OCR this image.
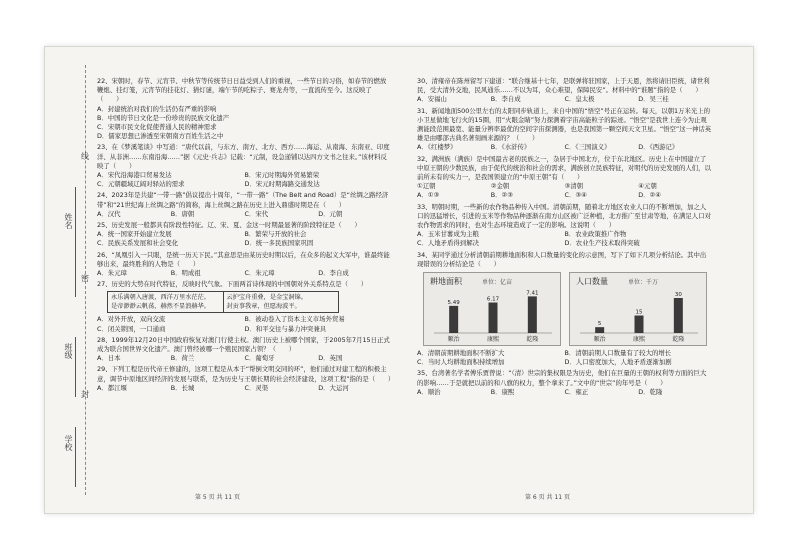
姓名
班级
学校
线
密
封
22、宋朝时，春节、元宵节、中秋节等传统节日日益受到人们的重视，一些节日的习俗，如春节的燃放鞭炮、挂灯笼，元宵节的挂花灯、猜灯谜，端午节的吃粽子、赛龙舟等，一直流传至今。这反映了（　　）
A．封建统治对我们的生活仍有严重的影响
B．中国的节日文化是一份珍贵的民族文化遗产
C．宋朝市民文化促使普通人民的精神需求
D．儒家思想已渗透至宋朝南方百姓生活之中
23、在《梦溪笔谈》中写道：“唐代以前，与东方、南方、北方、西方……海运、从南海、东南亚、印度洋、从非洲……东南沿海……”据《元史·兵志》记载：“元制，设急递铺以达四方文书之往来。”该材料反映了（　　）
A．宋代沿海港口贸易发达	B．宋元时期海外贸易繁荣
C．元朝疆域辽阔对驿站的需求	D．宋元时期海路交通发达
24、2023年是共建“一带一路”倡议提出十周年，“一带一路”（The Belt and Road）是“丝绸之路经济带”和“21世纪海上丝绸之路”的简称，海上丝绸之路在历史上进入鼎盛时期是在（　　）
A．汉代	B．唐朝	C．宋代	D．元朝
25、历史发展一般都具有阶段性特征。辽、宋、夏、金这一时期最显著的阶段特征是（　　）
A．统一国家开始建立发展	B．繁荣与开放的社会
C．民族关系发展和社会变化	D．统一多民族国家巩固
26、“凤凰引入一只眼，是统一历天下民。”其意思是由某历史时期以后，在众多的起义大军中，谁最终能够出来，最终胜利的人物是（　　）
A．朱元璋	B．明成祖	C．朱元璋	D．李自成
27、历史的大势在时代特征，反映时代气象。下面两首诗体现的中国朝对外关系特点是（　　）
永乐满朝入唐渡，西洋万里水茫茫。
是帝渺渺云帆荡，赫然不显浪赫华。
云护宝舟重叠，是金宝洞锦。
封贡事我章，但愿海波平。
A．对外开放，双向交流	B．被动卷入了资本主义市场外贸易
C．闭关锁国，一口通商	D．和平交往与暴力冲突兼具
28、1999年12月20日中国政府恢复对澳门行使主权。澳门历史上被哪个国家，于2005年7月15日正式成为联合国世界文化遗产。澳门曾经被哪一个殖民国家占领？（　　）
A．日本	B．荷兰	C．葡萄牙	D．英国
29、下列工程是历代帝王修建的，这项工程是从本于“帮倒文明交同的环”，他们通过对建工程的积极主意，调节中原地区间经济的发展与联系，是为历史与王朝长期的社会经济建设，这项工程”指的是（　　）
A．都江堰	B．长城	C．灵渠	D．大运河
30、清雍帝在陈州留写下建道：“联合继基十七年，是联弹将驻国家，上于天恩，然将请旧臣统，诸世利民，受大清外交地，民风通乐……不以为耳，众心难望，保障民安”。材料中的“谁题”指的是（　　）
A．安福山	B．李自成	C．皇太极	D．吴三桂
31、新闻地面500公里左右的太阳同步轨道上，来自中国的“悟空”号正在运转。每天，以朝1万米光上的小卫星做地飞行火的15圈，用“火眼金睛”努力探测着宇宙高能粒子的踪迹。“悟空”是我世上连今为止观测能段范围最宽、能量分辨率最优的空间宇宙探测器，也是我国第一颗空间天文卫星。“悟空”这一神话英雄是由哪部古典名著刻画来源的？（　　）
A．《红楼梦》	B．《水浒传》	C．《三国演义》	D．《西游记》
32、满洲族（满族）是中国最古老的民族之一，杂居于中国北方，位于东北地区。历史上在中国建立了中原王朝的少数民族，由于促代的统治和社会的需求，满族创立民族特征，对明代的历史发展的人们，以前所未有的实力一，是我国领建立的“中原王朝”有（　　）
①辽朝	②金朝	③清朝	④元朝
A．①③	B．②③	C．③④	D．②④
33、明朝时期，一些新的农作物品种传入中国。清朝前期，随着北方地区农业人口的不断增加，加之人口的迅猛增长，引进的玉米等作物品种逐渐在南方山区被广泛种植，北方推广至甘肃等地，在满足人口对农作物需求的同时，也对生态环境造成了一定的影响。这说明（　　）
A．玉米甘薯成为主粮	B．农业政策推广作物
C．人地矛盾得到解决	D．农业生产技术取得突破
34、某同学通过分析清朝前期耕地面积和人口数量的变化的示意图，写下了如下几项分析结论。其中出现错误的分析结论是（　　）
耕地面积	单位：亿亩
5.49
顺治
6.17
康熙
7.41
乾隆
人口数量	单位：千万
5
顺治
15
康熙
30
乾隆
A．清朝前期耕地面积不断扩大	B．清朝前期人口数量有了较大的增长
C．当时人均耕地面积持续增加	D．人口密度加大，人地矛盾逐渐加剧
35、台湾著名学者傅乐贾曾说：“（清）世宗的集权限是为历史，他们在巨量的王朝的权利等方面的巨大的影响……于是就把以前的和八旗的权力，整个拿来了。”文中的“世宗”的年号是（　　）
A．顺治	B．康熙	C．雍正	D．乾隆
第 5 页 共 11 页	第 6 页 共 11 页
